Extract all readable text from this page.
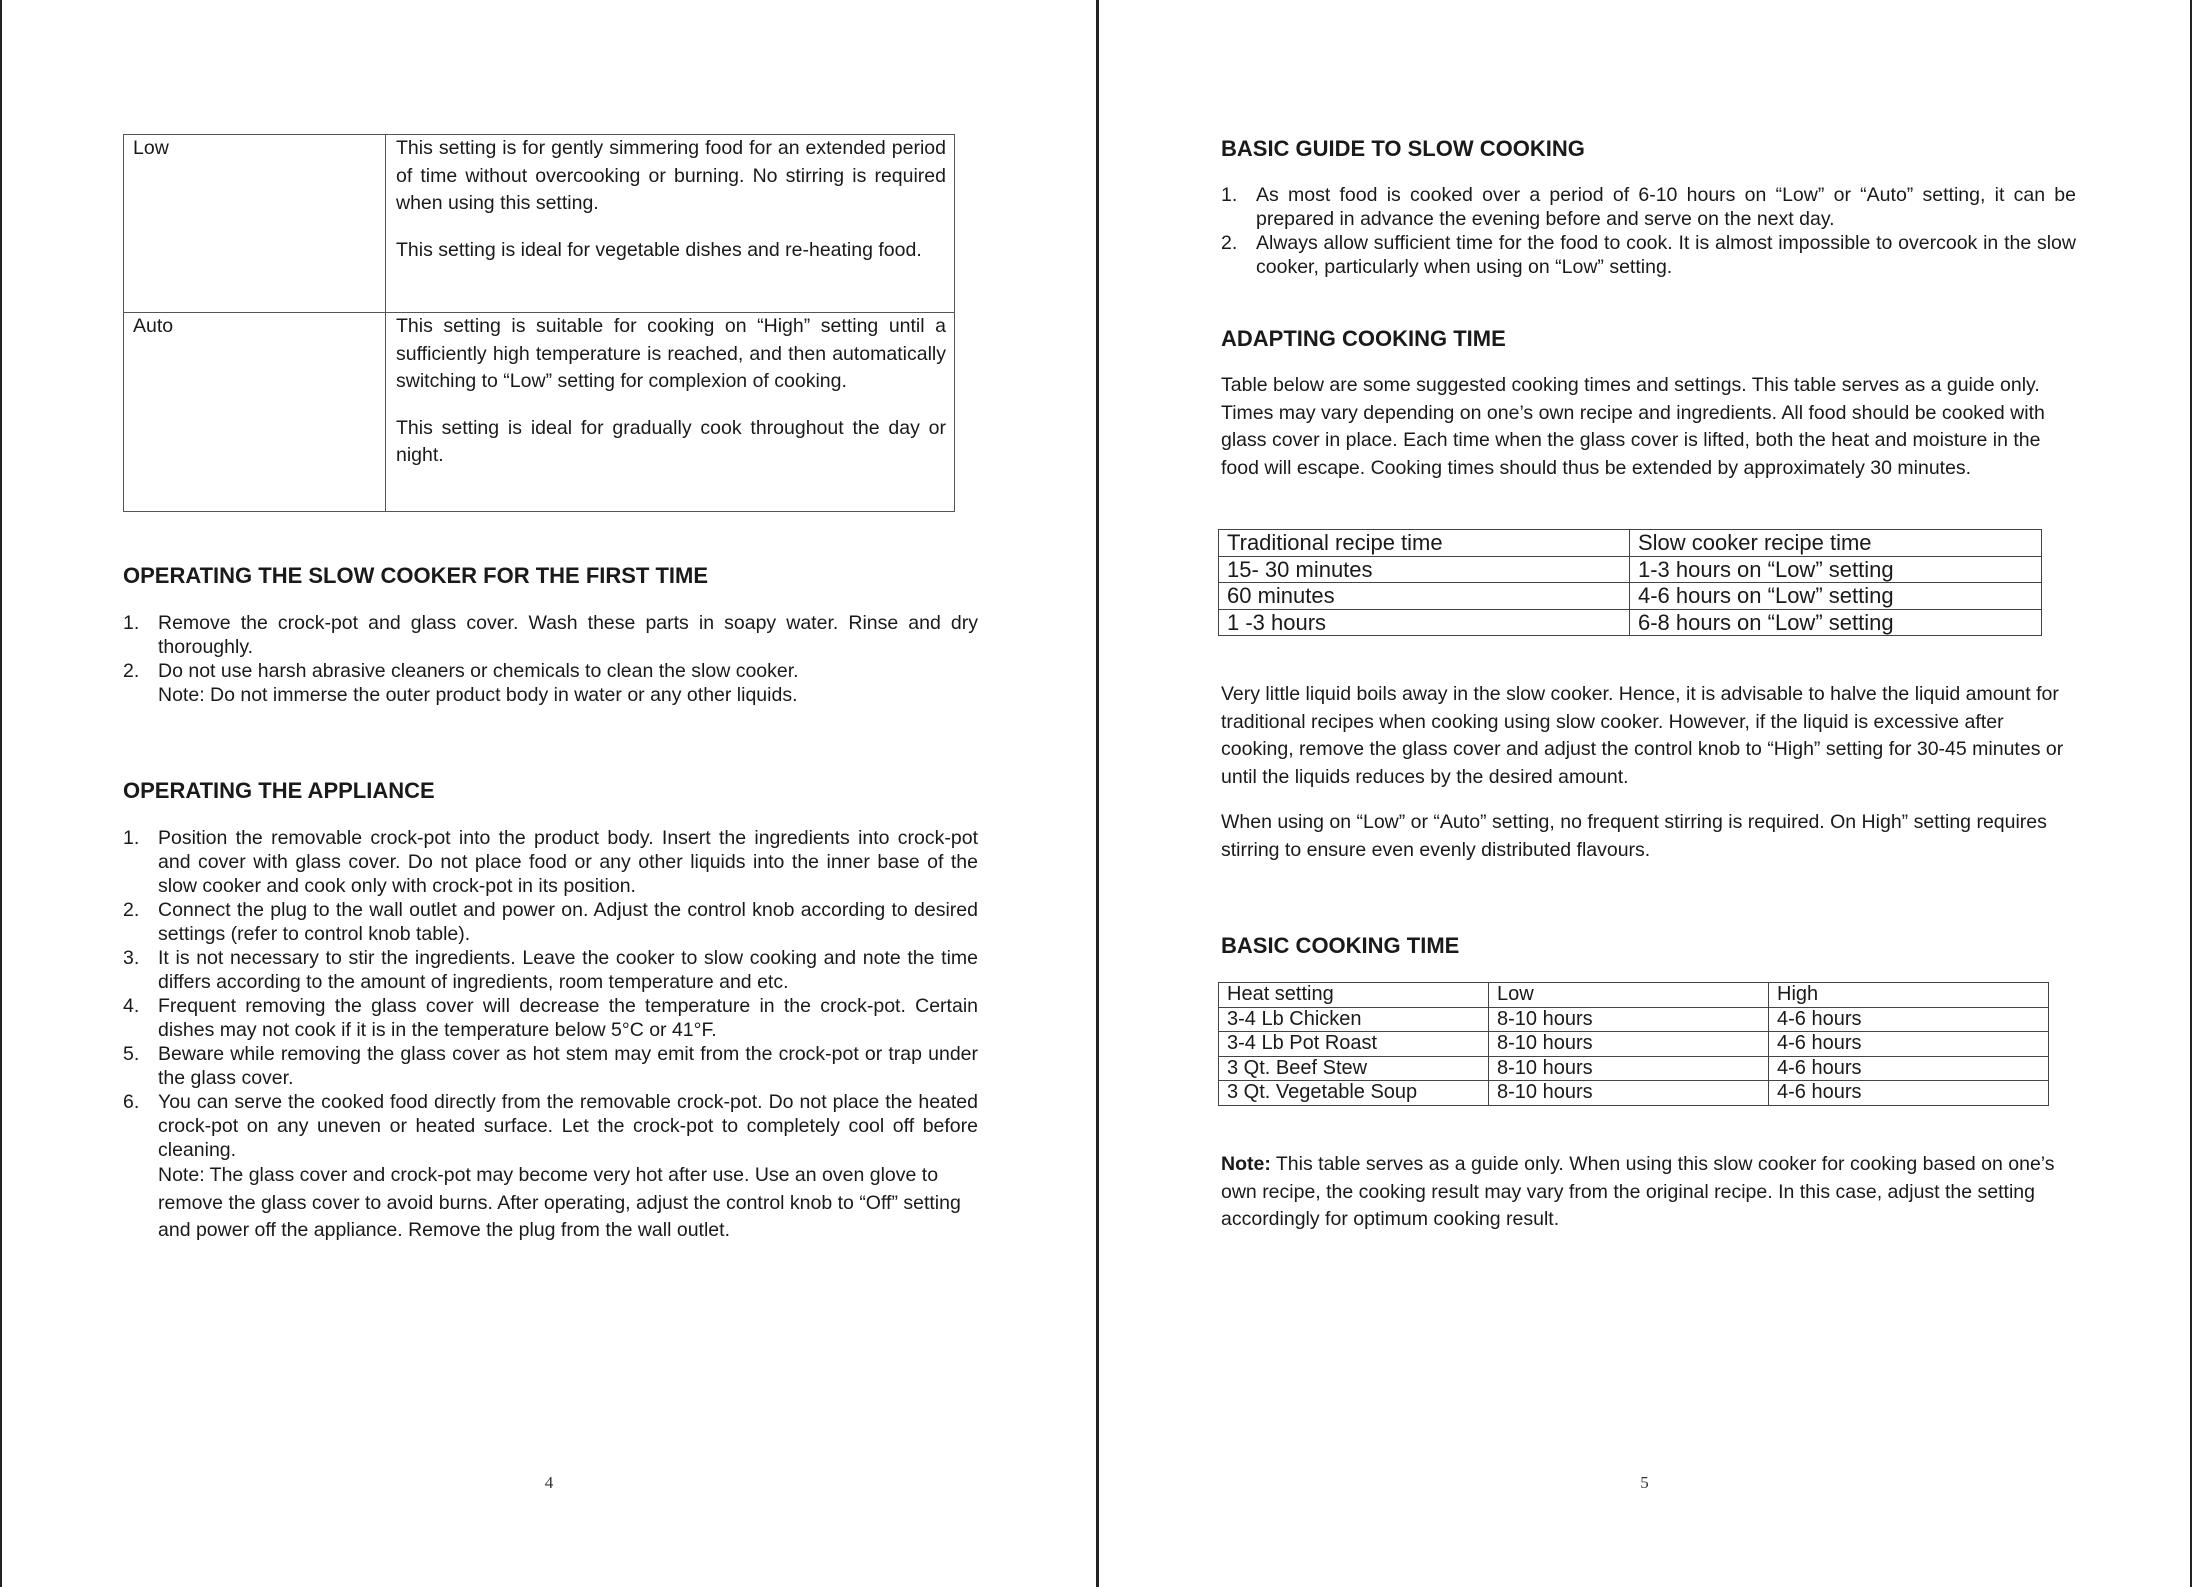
Low	This setting is for gently simmering food for an extended period of time without overcooking or burning. No stirring is required when using this setting.

This setting is ideal for vegetable dishes and re-heating food.

Auto	This setting is suitable for cooking on “High” setting until a sufficiently high temperature is reached, and then automatically switching to “Low” setting for complexion of cooking.

This setting is ideal for gradually cook throughout the day or night.

OPERATING THE SLOW COOKER FOR THE FIRST TIME
1. Remove the crock-pot and glass cover. Wash these parts in soapy water. Rinse and dry thoroughly.
2. Do not use harsh abrasive cleaners or chemicals to clean the slow cooker.
Note: Do not immerse the outer product body in water or any other liquids.
OPERATING THE APPLIANCE
1. Position the removable crock-pot into the product body. Insert the ingredients into crock-pot and cover with glass cover. Do not place food or any other liquids into the inner base of the slow cooker and cook only with crock-pot in its position.
2. Connect the plug to the wall outlet and power on. Adjust the control knob according to desired settings (refer to control knob table).
3. It is not necessary to stir the ingredients. Leave the cooker to slow cooking and note the time differs according to the amount of ingredients, room temperature and etc.
4. Frequent removing the glass cover will decrease the temperature in the crock-pot. Certain dishes may not cook if it is in the temperature below 5°C or 41°F.
5. Beware while removing the glass cover as hot stem may emit from the crock-pot or trap under the glass cover.
6. You can serve the cooked food directly from the removable crock-pot. Do not place the heated crock-pot on any uneven or heated surface. Let the crock-pot to completely cool off before cleaning.
Note: The glass cover and crock-pot may become very hot after use. Use an oven glove to remove the glass cover to avoid burns. After operating, adjust the control knob to “Off” setting and power off the appliance. Remove the plug from the wall outlet.
4
BASIC GUIDE TO SLOW COOKING
1. As most food is cooked over a period of 6-10 hours on “Low” or “Auto” setting, it can be prepared in advance the evening before and serve on the next day.
2. Always allow sufficient time for the food to cook. It is almost impossible to overcook in the slow cooker, particularly when using on “Low” setting.
ADAPTING COOKING TIME

Table below are some suggested cooking times and settings. This table serves as a guide only. Times may vary depending on one’s own recipe and ingredients. All food should be cooked with glass cover in place. Each time when the glass cover is lifted, both the heat and moisture in the food will escape. Cooking times should thus be extended by approximately 30 minutes.

Very little liquid boils away in the slow cooker. Hence, it is advisable to halve the liquid amount for traditional recipes when cooking using slow cooker. However, if the liquid is excessive after cooking, remove the glass cover and adjust the control knob to “High” setting for 30-45 minutes or until the liquids reduces by the desired amount.

When using on “Low” or “Auto” setting, no frequent stirring is required. On High” setting requires stirring to ensure even evenly distributed flavours.

BASIC COOKING TIME

Note: This table serves as a guide only. When using this slow cooker for cooking based on one’s own recipe, the cooking result may vary from the original recipe. In this case, adjust the setting accordingly for optimum cooking result.

5
Traditional recipe time	Slow cooker recipe time
15- 30 minutes	1-3 hours on “Low” setting
60 minutes	4-6 hours on “Low” setting
1 -3 hours	6-8 hours on “Low” setting
Heat setting	Low	High
3-4 Lb Chicken	8-10 hours	4-6 hours
3-4 Lb Pot Roast	8-10 hours	4-6 hours
3 Qt. Beef Stew	8-10 hours	4-6 hours
3 Qt. Vegetable Soup	8-10 hours	4-6 hours
